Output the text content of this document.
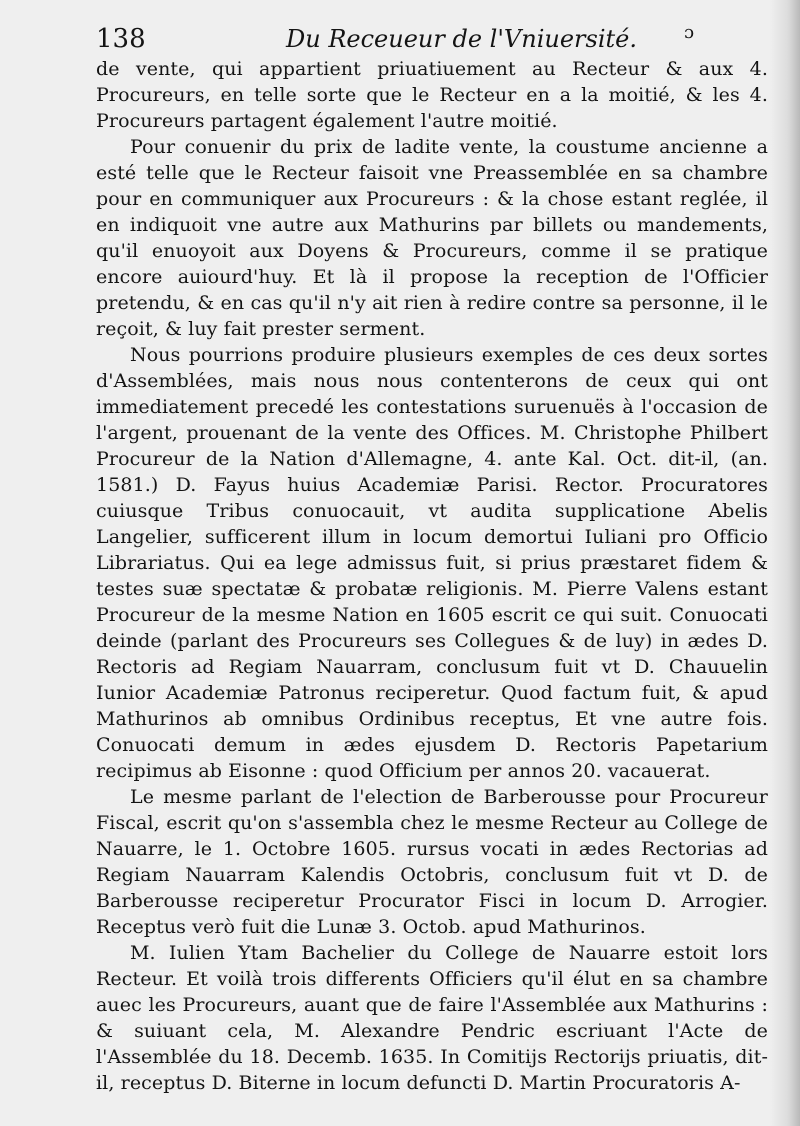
138	Du Receueur de l'Vniuersité.	ɔ

de vente, qui appartient priuatiuement au Recteur & aux 4. Procureurs, en telle sorte que le Recteur en a la moitié, & les 4. Procureurs partagent également l'autre moitié.

Pour conuenir du prix de ladite vente, la coustume ancienne a esté telle que le Recteur faisoit vne Preassemblée en sa chambre pour en communiquer aux Procureurs : & la chose estant reglée, il en indiquoit vne autre aux Mathurins par billets ou mandements, qu'il enuoyoit aux Doyens & Procureurs, comme il se pratique encore auiourd'huy. Et là il propose la reception de l'Officier pretendu, & en cas qu'il n'y ait rien à redire contre sa personne, il le reçoit, & luy fait prester serment.

Nous pourrions produire plusieurs exemples de ces deux sortes d'Assemblées, mais nous nous contenterons de ceux qui ont immediatement precedé les contestations suruenuës à l'occasion de l'argent, prouenant de la vente des Offices. M. Christophe Philbert Procureur de la Nation d'Allemagne, 4. ante Kal. Oct. dit-il, (an. 1581.) D. Fayus huius Academiæ Parisi. Rector. Procuratores cuiusque Tribus conuocauit, vt audita supplicatione Abelis Langelier, sufficerent illum in locum demortui Iuliani pro Officio Librariatus. Qui ea lege admissus fuit, si prius præstaret fidem & testes suæ spectatæ & probatæ religionis. M. Pierre Valens estant Procureur de la mesme Nation en 1605 escrit ce qui suit. Conuocati deinde (parlant des Procureurs ses Collegues & de luy) in ædes D. Rectoris ad Regiam Nauarram, conclusum fuit vt D. Chauuelin Iunior Academiæ Patronus reciperetur. Quod factum fuit, & apud Mathurinos ab omnibus Ordinibus receptus, Et vne autre fois. Conuocati demum in ædes ejusdem D. Rectoris Papetarium recipimus ab Eisonne : quod Officium per annos 20. vacauerat.

Le mesme parlant de l'election de Barberousse pour Procureur Fiscal, escrit qu'on s'assembla chez le mesme Recteur au College de Nauarre, le 1. Octobre 1605. rursus vocati in ædes Rectorias ad Regiam Nauarram Kalendis Octobris, conclusum fuit vt D. de Barberousse reciperetur Procurator Fisci in locum D. Arrogier. Receptus verò fuit die Lunæ 3. Octob. apud Mathurinos.

M. Iulien Ytam Bachelier du College de Nauarre estoit lors Recteur. Et voilà trois differents Officiers qu'il élut en sa chambre auec les Procureurs, auant que de faire l'Assemblée aux Mathurins : & suiuant cela, M. Alexandre Pendric escriuant l'Acte de l'Assemblée du 18. Decemb. 1635. In Comitijs Rectorijs priuatis, dit-il, receptus D. Biterne in locum defuncti D. Martin Procuratoris A-
